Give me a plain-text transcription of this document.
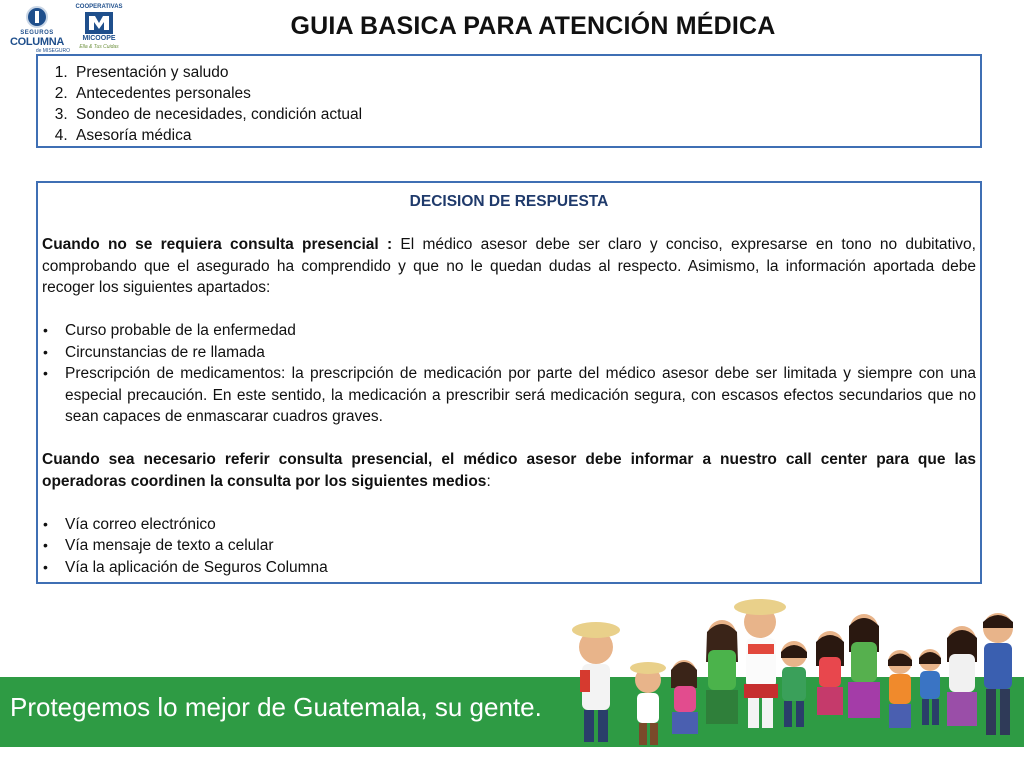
SEGUROS
COLUMNA
de MISEGURO
COOPERATIVAS
MICOOPE
Ella & Tus Cuidas
GUIA BASICA PARA ATENCIÓN MÉDICA
1. Presentación y saludo
2. Antecedentes personales
3. Sondeo de necesidades, condición actual
4. Asesoría médica

DECISION DE RESPUESTA

Cuando no se requiera consulta presencial : El médico asesor debe ser claro y conciso, expresarse en tono no dubitativo, comprobando que el asegurado ha comprendido y que no le quedan dudas al respecto. Asimismo, la información aportada debe recoger los siguientes apartados:

• Curso probable de la enfermedad
• Circunstancias de re llamada
• Prescripción de medicamentos: la prescripción de medicación por parte del médico asesor debe ser limitada y siempre con una especial precaución. En este sentido, la medicación a prescribir será medicación segura, con escasos efectos secundarios que no sean capaces de enmascarar cuadros graves.

Cuando sea necesario referir consulta presencial, el médico asesor debe informar a nuestro call center para que las operadoras coordinen la consulta por los siguientes medios:

• Vía correo electrónico
• Vía mensaje de texto a celular
• Vía la aplicación de Seguros Columna

Protegemos lo mejor de Guatemala, su gente.
